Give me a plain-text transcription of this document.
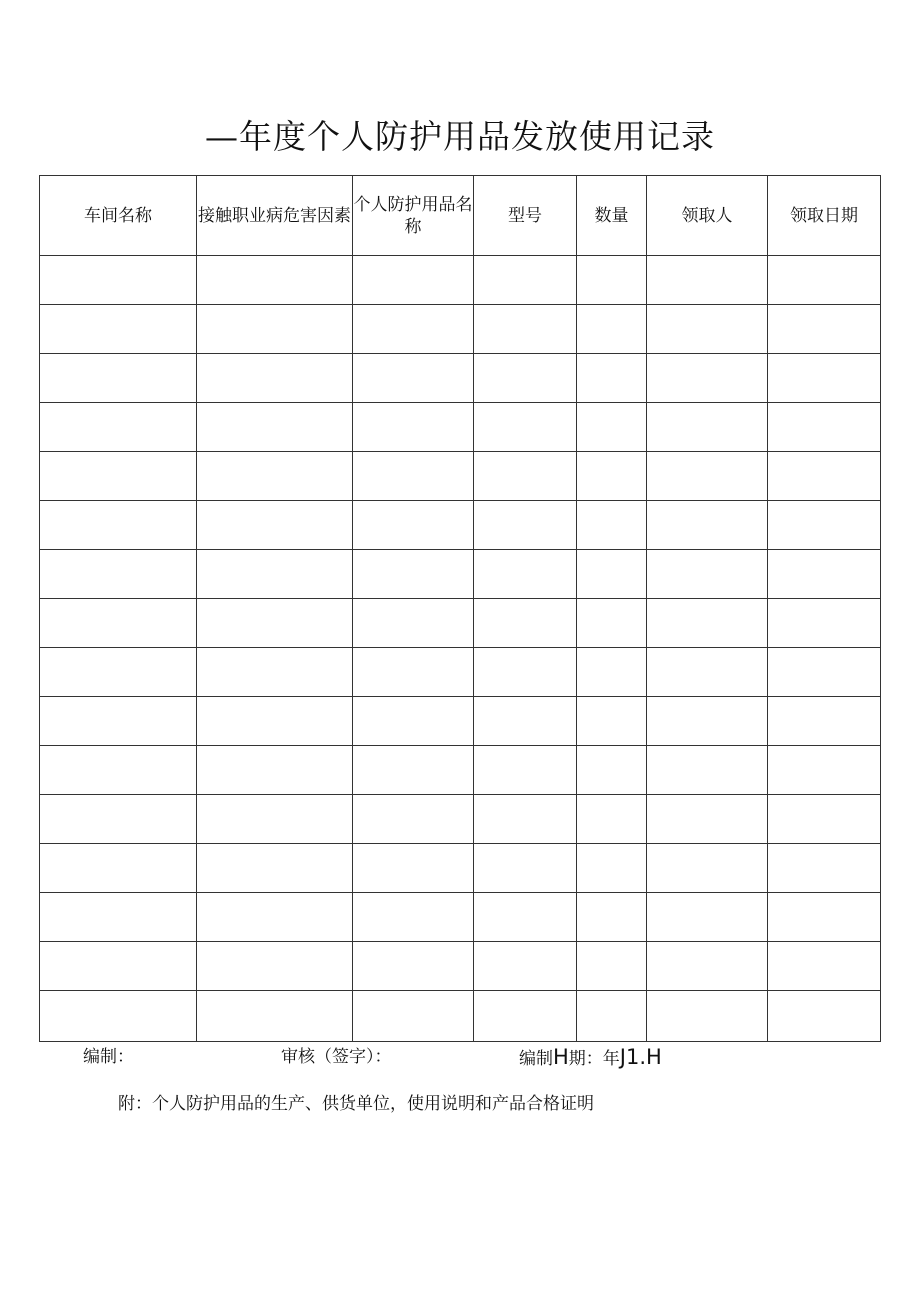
—年度个人防护用品发放使用记录
车间名称	接触职业病危害因素	个人防护用品名称	型号	数量	领取人	领取日期

编制：	审核（签字）：	编制H期：年J1.H
附：个人防护用品的生产、供货单位，使用说明和产品合格证明
